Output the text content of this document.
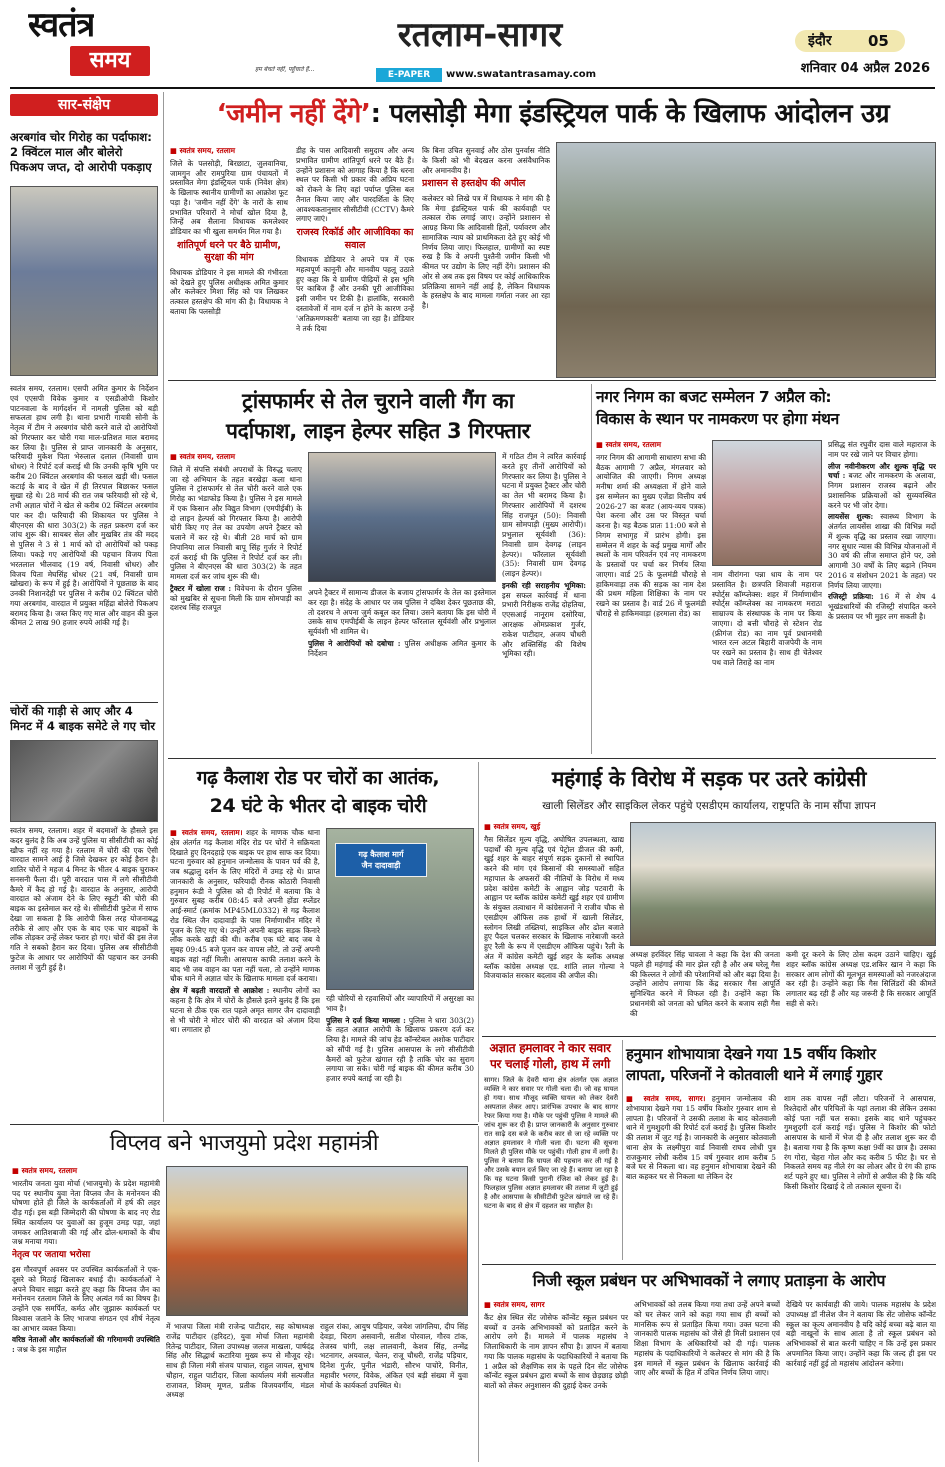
स्वतंत्र
समय	हम बेचते नहीं, पहुँचाते हैं...
रतलाम-सागर
E-PAPER	www.swatantrasamay.com
इंदौर 05
शनिवार 04 अप्रैल 2026
सार-संक्षेप
अरबगांव चोर गिरोह का पर्दाफाश: 2 क्विंटल माल और बोलेरो पिकअप जप्त, दो आरोपी पकड़ाए

स्वतंत्र समय, रतलाम। एसपी अमित कुमार के निर्देशन एवं एएसपी विवेक कुमार व एसडीओपी किशोर पाटनवाला के मार्गदर्शन में नामली पुलिस को बड़ी सफलता हाथ लगी है। थाना प्रभारी गायत्री सोनी के नेतृत्व में टीम ने अरबगांव चोरी करने वाले दो आरोपियों को गिरफ्तार कर चोरी गया माल-प्रतिशत माल बरामद कर लिया है। पुलिस से प्राप्त जानकारी के अनुसार, फरियादी मुकेश पिता भेरुलाल दलाल (निवासी ग्राम धोधर) ने रिपोर्ट दर्ज कराई थी कि उनकी कृषि भूमि पर करीब 20 क्विंटल अरबगांव की फसल खड़ी थी। फसल कटाई के बाद वे खेत में ही तिरपाल बिछाकर फसल सुखा रहे थे। 28 मार्च की रात जब फरियादी सो रहे थे, तभी अज्ञात चोरों ने खेत से करीब 02 क्विंटल अरबगांव पार कर दी। फरियादी की शिकायत पर पुलिस ने बीएनएस की धारा 303(2) के तहत प्रकरण दर्ज कर जांच शुरू की। सायबर सेल और मुखबिर तंत्र की मदद से पुलिस ने 3 से 1 मार्च को दो आरोपियों को पकड़ लिया। पकड़े गए आरोपियों की पहचान विजय पिता भरतलाल भीलवाद (19 वर्ष, निवासी धोधर) और विजय पिता मेघसिंह धोधर (21 वर्ष, निवासी ग्राम खोखरा) के रूप में हुई है। आरोपियों ने पूछताछ के बाद उनकी निशानदेही पर पुलिस ने करीब 02 क्विंटल चोरी गया अरबगांव, वारदात में प्रयुक्त महिंद्रा बोलेरो पिकअप बरामद किया है। जब्त किए गए माल और वाहन की कुल कीमत 2 लाख 90 हजार रुपये आंकी गई है।

चोरों की गाड़ी से आए और 4 मिनट में 4 बाइक समेटे ले गए चोर

स्वतंत्र समय, रतलाम। शहर में बदमाशों के हौसले इस कदर बुलंद है कि अब उन्हें पुलिस या सीसीटीवी का कोई खौफ नहीं रह गया है। रतलाम में चोरी की एक ऐसी वारदात सामने आई है जिसे देखकर हर कोई हैरान है। शातिर चोरों ने महज 4 मिनट के भीतर 4 बाइक चुराकर सनसनी फैला दी। पूरी वारदात पास में लगे सीसीटीवी कैमरे में कैद हो गई है। वारदात के अनुसार, आरोपी वारदात को अंजाम देने के लिए स्कूटी की चोरी की बाइक का इस्तेमाल कर रहे थे। सीसीटीवी फुटेज में साफ देखा जा सकता है कि आरोपी किस तरह योजनाबद्ध तरीके से आए और एक के बाद एक चार बाइकों के लॉक तोड़कर उन्हें लेकर फरार हो गए। चोरों की इस तेज गति ने सबको हैरान कर दिया। पुलिस अब सीसीटीवी फुटेज के आधार पर आरोपियों की पहचान कर उनकी तलाश में जुटी हुई है।

‘जमीन नहीं देंगे’: पलसोड़ी मेगा इंडस्ट्रियल पार्क के खिलाफ आंदोलन उग्र
■ स्वतंत्र समय, रतलाम

जिले के पलसोड़ी, बिरछाटा, जुलवानिया, जामगुन और रामपुरिया ग्राम पंचायतों में प्रस्तावित मेगा इंडस्ट्रियल पार्क (निवेश क्षेत्र) के खिलाफ स्थानीय ग्रामीणों का आक्रोश फूट पड़ा है। 'जमीन नहीं देंगे' के नारों के साथ प्रभावित परिवारों ने मोर्चा खोल दिया है, जिन्हें अब सैलाना विधायक कमलेश्वर डोडियार का भी खुला समर्थन मिल गया है।

शांतिपूर्ण धरने पर बैठे ग्रामीण, सुरक्षा की मांग

विधायक डोडियार ने इस मामले की गंभीरता को देखते हुए पुलिस अधीक्षक अमित कुमार और कलेक्टर मिशा सिंह को पत्र लिखकर तत्काल हस्तक्षेप की मांग की है। विधायक ने बताया कि पलसोड़ी

डीह के पास आदिवासी समुदाय और अन्य प्रभावित ग्रामीण शांतिपूर्ण धरने पर बैठे हैं। उन्होंने प्रशासन को आगाह किया है कि धरना स्थल पर किसी भी प्रकार की अप्रिय घटना को रोकने के लिए वहां पर्याप्त पुलिस बल तैनात किया जाए और पारदर्शिता के लिए आवश्यकतानुसार सीसीटीवी (CCTV) कैमरे लगाए जाएं।

राजस्व रिकॉर्ड और आजीविका का सवाल

विधायक डोडियार ने अपने पत्र में एक महत्वपूर्ण कानूनी और मानवीय पहलू उठाते हुए कहा कि ये ग्रामीण पीढ़ियों से इस भूमि पर काबिज हैं और उनकी पूरी आजीविका इसी जमीन पर टिकी है। हालांकि, सरकारी दस्तावेजों में नाम दर्ज न होने के कारण उन्हें 'अतिक्रमणकारी' बताया जा रहा है। डोडियार ने तर्क दिया

कि बिना उचित सुनवाई और ठोस पुनर्वास नीति के किसी को भी बेदखल करना असंवैधानिक और अमानवीय है।

प्रशासन से हस्तक्षेप की अपील

कलेक्टर को लिखे पत्र में विधायक ने मांग की है कि मेगा इंडस्ट्रियल पार्क की कार्यवाही पर तत्काल रोक लगाई जाए। उन्होंने प्रशासन से आग्रह किया कि आदिवासी हितों, पर्यावरण और सामाजिक न्याय को प्राथमिकता देते हुए कोई भी निर्णय लिया जाए। फिलहाल, ग्रामीणों का स्पष्ट रुख है कि वे अपनी पुश्तैनी जमीन किसी भी कीमत पर उद्योग के लिए नहीं देंगे। प्रशासन की ओर से अब तक इस विषय पर कोई आधिकारिक प्रतिक्रिया सामने नहीं आई है, लेकिन विधायक के हस्तक्षेप के बाद मामला गर्माता नजर आ रहा है।

ट्रांसफार्मर से तेल चुराने वाली गैंग का
पर्दाफाश, लाइन हेल्पर सहित 3 गिरफ्तार
■ स्वतंत्र समय, रतलाम

जिले में संपत्ति संबंधी अपराधों के विरुद्ध चलाए जा रहे अभियान के तहत बरखेड़ा कला थाना पुलिस ने ट्रांसफार्मर से तेल चोरी करने वाले एक गिरोह का भंडाफोड़ किया है। पुलिस ने इस मामले में एक किसान और विद्युत विभाग (एमपीईबी) के दो लाइन हेल्पर्स को गिरफ्तार किया है। आरोपी चोरी किए गए तेल का उपयोग अपने ट्रैक्टर को चलाने में कर रहे थे। बीती 28 मार्च को ग्राम निपानिया लाल निवासी बापू सिंह गुर्जर ने रिपोर्ट दर्ज कराई थी कि पुलिस ने रिपोर्ट दर्ज कर ली। पुलिस ने बीएनएस की धारा 303(2) के तहत मामला दर्ज कर जांच शुरू की थी।

ट्रैक्टर में खोला राज : विवेचना के दौरान पुलिस को मुखबिर से सूचना मिली कि ग्राम सोमपाड़ी का दशरथ सिंह राजपूत

अपने ट्रैक्टर में सामान्य डीजल के बजाय ट्रांसफार्मर के तेल का इस्तेमाल कर रहा है। संदेह के आधार पर जब पुलिस ने दबिश देकर पूछताछ की, तो दशरथ ने अपना जुर्म कबूल कर लिया। उसने बताया कि इस चोरी में उसके साथ एमपीईबी के लाइन हेल्पर फॉरलाल सूर्यवंशी और प्रभुलाल सूर्यवंशी भी शामिल थे।

पुलिस ने आरोपियों को दबोचा : पुलिस अधीक्षक अमित कुमार के निर्देशन

में गठित टीम ने त्वरित कार्रवाई करते हुए तीनों आरोपियों को गिरफ्तार कर लिया है। पुलिस ने घटना में प्रयुक्त ट्रैक्टर और चोरी का तेल भी बरामद किया है। गिरफ्तार आरोपियों में दशरथ सिंह राजपूत (50): निवासी ग्राम सोमपाड़ी (मुख्य आरोपी)। प्रभुलाल सूर्यवंशी (36): निवासी ग्राम देवगढ़ (लाइन हेल्पर)। फॉरलाल सूर्यवंशी (35): निवासी ग्राम देवगढ़ (लाइन हेल्पर)।

इनकी रही सराहनीय भूमिका: इस सफल कार्रवाई में थाना प्रभारी निरीक्षक राजेंद्र दोहतिया, एएसआई नानूराम दसोरिया, आरक्षक ओमप्रकाश गुर्जर, राकेश पाटीदार, अजय चौधरी और शक्तिसिंह की विशेष भूमिका रही।

नगर निगम का बजट सम्मेलन 7 अप्रैल को:
विकास के स्थान पर नामकरण पर होगा मंथन
■ स्वतंत्र समय, रतलाम

नगर निगम की आगामी साधारण सभा की बैठक आगामी 7 अप्रैल, मंगलवार को आयोजित की जाएगी। निगम अध्यक्ष मनीषा शर्मा की अध्यक्षता में होने वाले इस सम्मेलन का मुख्य एजेंडा वित्तीय वर्ष 2026-27 का बजट (आय-व्यय पत्रक) पेश करना और उस पर विस्तृत चर्चा करना है। यह बैठक प्रातः 11:00 बजे से निगम सभागृह में प्रारंभ होगी। इस सम्मेलन में शहर के कई प्रमुख मार्गों और स्थलों के नाम परिवर्तन एवं नए नामकरण के प्रस्तावों पर चर्चा कर निर्णय लिया जाएगा। वार्ड 25 के फूलमंडी चौराहे से हाकिमवाड़ा तक की सड़क का नाम देश की प्रथम महिला शिक्षिका के नाम पर रखने का प्रस्ताव है। वार्ड 26 में फूलमंडी चौराहे से हाकिमवाड़ा (हरमाला रोड) का

नाम वीरांगना पन्ना धाय के नाम पर प्रस्तावित है। छत्रपति शिवाजी महाराज स्पोर्ट्स कॉम्प्लेक्स: शहर में निर्माणाधीन स्पोर्ट्स कॉम्प्लेक्स का नामकरण मराठा साम्राज्य के संस्थापक के नाम पर किया जाएगा। दो बत्ती चौराहे से स्टेशन रोड (फ्रीगंज रोड) का नाम पूर्व प्रधानमंत्री भारत रत्न अटल बिहारी वाजपेयी के नाम पर रखने का प्रस्ताव है। साथ ही चेतेश्वर पथ वाले तिराहे का नाम

प्रसिद्ध संत रघुवीर दास वाले महाराज के नाम पर रखे जाने पर विचार होगा।

लीज नवीनीकरण और शुल्क वृद्धि पर चर्चा : बजट और नामकरण के अलावा, निगम प्रशासन राजस्व बढ़ाने और प्रशासनिक प्रक्रियाओं को सुव्यवस्थित करने पर भी जोर देगा।

लायसेंस शुल्क: स्वास्थ्य विभाग के अंतर्गत लायसेंस शाखा की विभिन्न मदों में शुल्क वृद्धि का प्रस्ताव रखा जाएगा। नगर सुधार न्यास की विभिन्न योजनाओं में 30 वर्ष की लीज समाप्त होने पर, उसे आगामी 30 वर्षों के लिए बढ़ाने (नियम 2016 व संशोधन 2021 के तहत) पर निर्णय लिया जाएगा।

रजिस्ट्री प्रक्रिया: 16 में से शेष 4 भूखंडधारियों की रजिस्ट्री संपादित करने के प्रस्ताव पर भी मुहर लग सकती है।

गढ़ कैलाश रोड पर चोरों का आतंक,
24 घंटे के भीतर दो बाइक चोरी

■ स्वतंत्र समय, रतलाम। शहर के माणक चौक थाना क्षेत्र अंतर्गत गढ़ कैलाश मंदिर रोड पर चोरों ने सक्रियता दिखाते हुए दिनदहाड़े एक बाइक पर हाथ साफ कर दिया। घटना गुरुवार को हनुमान जन्मोत्सव के पावन पर्व की है, जब श्रद्धालु दर्शन के लिए मंदिरों में उमड़ रहे थे। प्राप्त जानकारी के अनुसार, फरियादी रौनक कोठारी निवासी हनुमान रूंडी ने पुलिस को दी रिपोर्ट में बताया कि वे गुरुवार सुबह करीब 08:45 बजे अपनी होंडा स्प्लेंडर आई-स्मार्ट (क्रमांक MP45ML0332) से गढ़ कैलाश रोड स्थित जैन दादावाड़ी के पास निर्माणाधीन मंदिर में पूजन के लिए गए थे। उन्होंने अपनी बाइक सड़क किनारे लॉक करके खड़ी की थी। करीब एक घंटे बाद जब वे सुबह 09:45 बजे पूजन कर वापस लौटे, तो उन्हें अपनी बाइक वहां नहीं मिली। आसपास काफी तलाश करने के बाद भी जब वाहन का पता नहीं चला, तो उन्होंने माणक चौक थाने में अज्ञात चोर के खिलाफ मामला दर्ज कराया।

क्षेत्र में बढ़ती वारदातों से आक्रोश : स्थानीय लोगों का कहना है कि क्षेत्र में चोरों के हौसले इतने बुलंद हैं कि इस घटना से ठीक एक रात पहले अमृत सागर जैन दादावाड़ी से भी चोरी ने मोटर चोरी की वारदात को अंजाम दिया था। लगातार हो

गढ़ कैलाश मार्ग
जैन दादावाड़ी

रही चोरियों से रहवासियों और व्यापारियों में असुरक्षा का भाव है।

पुलिस ने दर्ज किया मामला : पुलिस ने धारा 303(2) के तहत अज्ञात आरोपी के खिलाफ प्रकरण दर्ज कर लिया है। मामले की जांच हेड कॉन्स्टेबल अशोक पाटीदार को सौंपी गई है। पुलिस आसपास के लगे सीसीटीवी कैमरों को फुटेज खंगाल रही है ताकि चोर का सुराग लगाया जा सके। चोरी गई बाइक की कीमत करीब 30 हजार रुपये बताई जा रही है।

महंगाई के विरोध में सड़क पर उतरे कांग्रेसी
खाली सिलेंडर और साइकिल लेकर पहुंचे एसडीएम कार्यालय, राष्ट्रपति के नाम सौंपा ज्ञापन
■ स्वतंत्र समय, खुई

गैस सिलेंडर मूल्य वृद्धि, अघोषित उपलब्धता, खाद्य पदार्थों की मूल्य वृद्धि एवं पेट्रोल डीजल की कमी, खुई शहर के बाहर संपूर्ण सड़क दुकानों से स्थापित करने की मांग एवं किसानों की समस्याओं सहित महापाल के अफसरों की नीतियों के विरोध में मध्य प्रदेश कांग्रेस कमेटी के आह्वान जोड़ पटवारी के आह्वान पर ब्लॉक कांग्रेस कमेटी खुई शहर एवं ग्रामीण के संयुक्त तत्वाधान में कांग्रेसजनों ने राजीव चौक से एसडीएम ऑफिस तक हाथों में खाली सिलेंडर, स्लोगन लिखी तख्तियां, साइकिल और ढोल बजाते हुए पैदल चलकर सरकार के खिलाफ नारेबाजी करते हुए रैली के रूप में एसडीएम ऑफिस पहुंचे। रैली के अंत में कांग्रेस कमेटी खुई शहर के ब्लॉक अध्यक्ष ब्लॉक कांग्रेस अध्यक्ष एड. शांति लाल गोल्या ने विजयाकांत सरकार बदलाव की अपील की।

अध्यक्ष हरविंदर सिंह चावला ने कहा कि देश की जनता पहले ही महंगाई की मार झेल रही है और अब घरेलू गैस की किल्लत ने लोगों की परेशानियों को और बढ़ा दिया है। उन्होंने आरोप लगाया कि केंद्र सरकार गैस आपूर्ति सुनिश्चित करने में विफल रही है। उन्होंने कहा कि प्रधानमंत्री को जनता को भ्रमित करने के बजाय सही गैस की

कमी दूर करने के लिए ठोस कदम उठाने चाहिए। खुई शहर ब्लॉक कांग्रेस अध्यक्ष एड.शकिर खान ने कहा कि सरकार आम लोगों की मूलभूत समस्याओं को नजरअंदाज कर रही है। उन्होंने कहा कि गैस सिलिंडरों की कीमतें लगातार बढ़ रही हैं और यह जरूरी है कि सरकार आपूर्ति सही से करे।

अज्ञात हमलावर ने कार सवार
पर चलाई गोली, हाथ में लगी

सागर। जिले के देवरी थाना क्षेत्र अंतर्गत एक अज्ञात व्यक्ति ने कार सवार पर गोली चला दी। जो वह घायल हो गया। साथ मौजूद व्यक्ति घायल को लेकर देवरी अस्पताल लेकर आए। प्रारंभिक उपचार के बाद सागर रेफर किया गया है। मौके पर पहुंची पुलिस ने मामले की जांच शुरू कर दी है। प्राप्त जानकारी के अनुसार गुरुवार रात साढ़े दस बजे के करीब कार से जा रहे व्यक्ति पर अज्ञात हमलावर ने गोली चला दी। घटना की सूचना मिलते ही पुलिस मौके पर पहुंची। गोली हाथ में लगी है। पुलिस ने बताया कि घायल की पहचान कर ली गई है और उसके बयान दर्ज किए जा रहे हैं। बताया जा रहा है कि यह घटना किसी पुरानी रंजिश को लेकर हुई है। फिलहाल पुलिस अज्ञात हमलावर की तलाश में जुटी हुई है और आसपास के सीसीटीवी फुटेज खंगाले जा रहे हैं। घटना के बाद से क्षेत्र में दहशत का माहौल है।

हनुमान शोभायात्रा देखने गया 15 वर्षीय किशोर
लापता, परिजनों ने कोतवाली थाने में लगाई गुहार

■ स्वतंत्र समय, सागर। हनुमान जन्मोत्सव की शोभायात्रा देखने गया 15 वर्षीय किशोर गुरुवार शाम से लापता है। परिजनों ने उसकी तलाश के बाद कोतवाली थाने में गुमशुदगी की रिपोर्ट दर्ज कराई है। पुलिस किशोर की तलाश में जुट गई है। जानकारी के अनुसार कोतवाली थाना क्षेत्र के लक्ष्मीपुरा वार्ड निवासी राघव लोधी पुत्र राजकुमार लोधी करीब 15 वर्ष गुरुवार शाम करीब 5 बजे घर से निकला था। वह हनुमान शोभायात्रा देखने की बात कहकर घर से निकला था लेकिन देर

शाम तक वापस नहीं लौटा। परिजनों ने आसपास, रिश्तेदारों और परिचितों के यहां तलाश की लेकिन उसका कोई पता नहीं चल सका। इसके बाद थाने पहुंचकर गुमशुदगी दर्ज कराई गई। पुलिस ने किशोर की फोटो आसपास के थानों में भेज दी है और तलाश शुरू कर दी है। बताया गया है कि कृष्ण कक्षा 9वीं का छात्र है। उसका रंग गोरा, चेहरा गोल और कद करीब 5 फीट है। घर से निकलते समय वह नीले रंग का लोअर और ग्रे रंग की हाफ शर्ट पहने हुए था। पुलिस ने लोगों से अपील की है कि यदि किसी किशोर दिखाई दे तो तत्काल सूचना दें।

विप्लव बने भाजयुमो प्रदेश महामंत्री
■ स्वतंत्र समय, रतलाम

भारतीय जनता युवा मोर्चा (भाजयुमो) के प्रदेश महामंत्री पद पर स्थानीय युवा नेता विप्लव जैन के मनोनयन की घोषणा होते ही जिले के कार्यकर्ताओं में हर्ष की लहर दौड़ गई। इस बड़ी जिम्मेदारी की घोषणा के बाद नए रोड स्थित कार्यालय पर युवाओं का हुजूम उमड़ पड़ा, जहां जमकर आतिशबाजी की गई और ढोल-धमाकों के बीच जश्न मनाया गया।

नेतृत्व पर जताया भरोसा

इस गौरवपूर्ण अवसर पर उपस्थित कार्यकर्ताओं ने एक-दूसरे को मिठाई खिलाकर बधाई दी। कार्यकर्ताओं ने अपने विचार साझा करते हुए कहा कि विप्लव जैन का मनोनयन रतलाम जिले के लिए अत्यंत गर्व का विषय है। उन्होंने एक समर्पित, कर्मठ और जुझारू कार्यकर्ता पर विश्वास जताने के लिए भाजपा संगठन एवं शीर्ष नेतृत्व का आभार व्यक्त किया।

वरिष्ठ नेताओं और कार्यकर्ताओं की गरिमामयी उपस्थिति : जश्न के इस माहौल

में भाजपा जिला मंत्री राजेन्द्र पाटीदार, सह कोषाध्यक्ष राजेंद्र पाटीदार (हरिदट), युवा मोर्चा जिला महामंत्री रितेन्द्र पाटीदार, जिला उपाध्यक्ष जलज माखला, पार्षदंद्र सिंह और सिद्धार्थ कटारिया मुख्य रूप से मौजूद रहे। साथ ही जिला मंत्री संजय पाचाल, राहुल जायल, सुभाष चौहान, राहुल पाटीदार, जिला कार्यालय मंत्री सत्यजीत राजावत, शिवम् मूणत, प्रतीक विजयवर्गीय, मंडल अध्यक्ष

राहुल रांका, आयुष पड़ियार, जयेश जांगलिया, दीप सिंह देवड़ा, चिराग असवानी, सतीश पोरवाल, गौरव टांक, तेजस्व चांगी, लक्ष लालवानी, केशव सिंह, तन्मेंद्र भटनागर, अयवाल, चेतन, राजू चौधरी, राजेंद्र पड़ियार, दिनेश गुर्जर, पुनीत भंडारी, सौरभ पाचोरे, विनीत, महावीर भरगर, विवेक, अंकित एवं बड़ी संख्या में युवा मोर्चा के कार्यकर्ता उपस्थित थे।

निजी स्कूल प्रबंधन पर अभिभावकों ने लगाए प्रताड़ना के आरोप
■ स्वतंत्र समय, सागर

कैंट क्षेत्र स्थित सेंट जोसेफ कॉन्वेंट स्कूल प्रबंधन पर बच्चों व उनके अभिभावकों को प्रताड़ित करने के आरोप लगे हैं। मामले में पालक महासंघ ने जिलाधिकारी के नाम ज्ञापन सौंपा है। ज्ञापन में बताया गया कि पालक महासंघ के पदाधिकारियों ने बताया कि 1 अप्रैल को शैक्षणिक सत्र के पहले दिन सेंट जोसेफ कॉन्वेंट स्कूल प्रबंधन द्वारा बच्चों के साथ छेड़छाड़ छोड़ी बातों को लेकर अनुशासन की दुहाई देकर उनके

अभिभावकों को तलब किया गया तथा उन्हें अपने बच्चों को घर लेकर जाने को कहा गया साथ ही बच्चों को मानसिक रूप से प्रताड़ित किया गया। उक्त घटना की जानकारी पालक महासंघ को जैसे ही मिली प्रशासन एवं शिक्षा विभाग के अधिकारियों को दी गई। पालक महासंघ के पदाधिकारियों ने कलेक्टर से मांग की है कि इस मामले में स्कूल प्रबंधन के खिलाफ कार्रवाई की जाए और बच्चों के हित में उचित निर्णय लिया जाए।

देखिये पर कार्यवाही की जाये। पालक महासंघ के प्रदेश उपाध्यक्ष डॉ नीलेश जैन ने बताया कि सेंट जोसेफ कॉन्वेंट स्कूल का कृत्य अमानवीय है यदि कोई बच्चा बढ़े बाल या बड़ी नाखूनों के साथ आता है तो स्कूल प्रबंधन को अभिभावकों से बात करनी चाहिए न कि उन्हें इस प्रकार अपमानित किया जाए। उन्होंने कहा कि जल्द ही इस पर कार्रवाई नहीं हुई तो महासंघ आंदोलन करेगा।
